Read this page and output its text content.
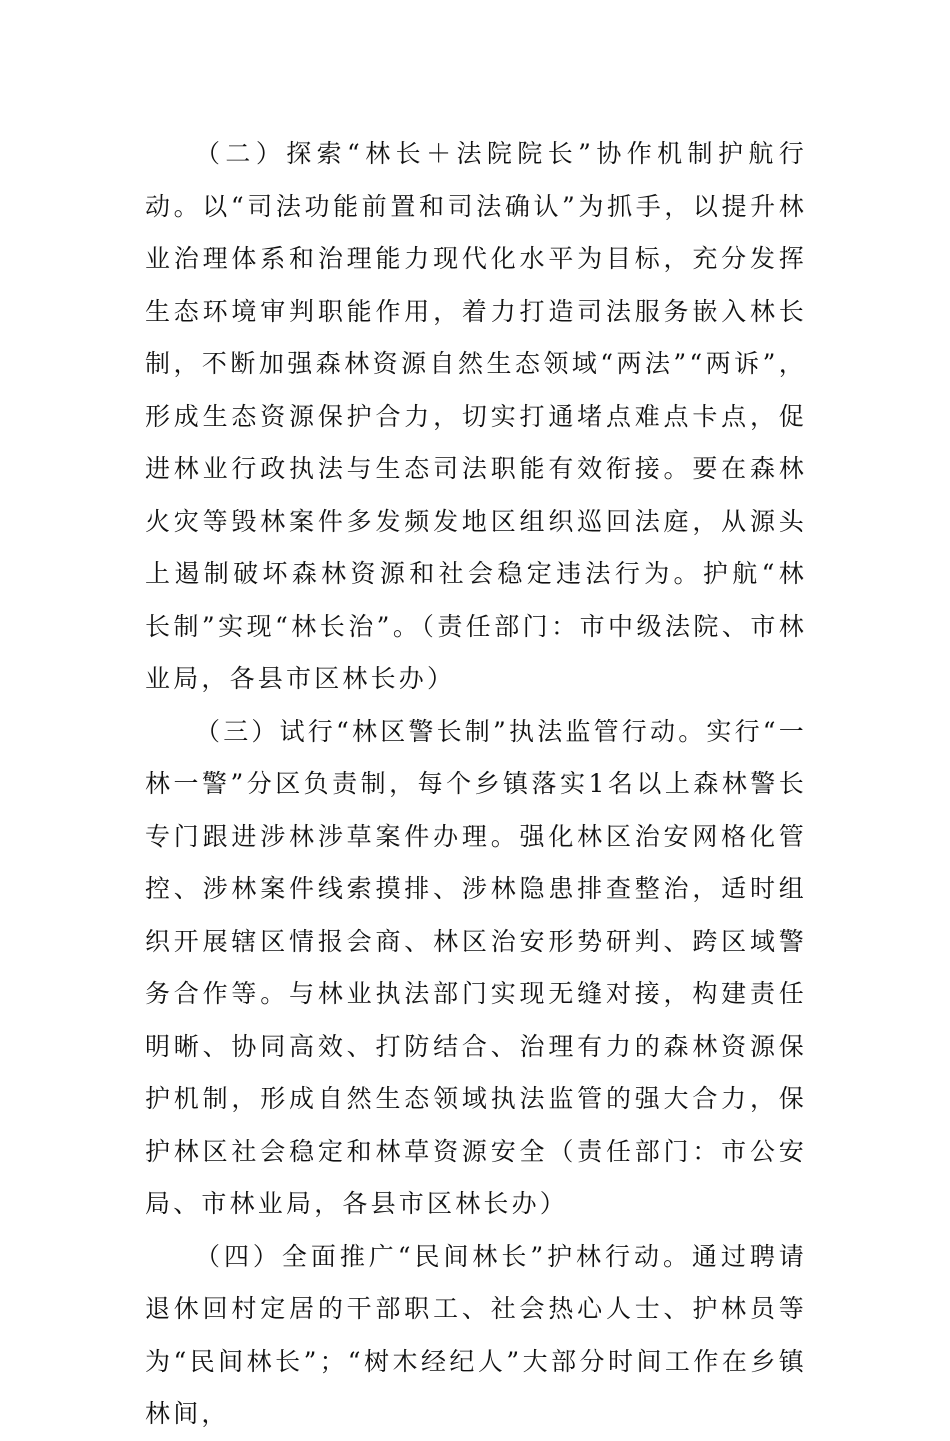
（二）探索“林长＋法院院长”协作机制护航行动。以“司法功能前置和司法确认”为抓手，以提升林业治理体系和治理能力现代化水平为目标，充分发挥生态环境审判职能作用，着力打造司法服务嵌入林长制，不断加强森林资源自然生态领域“两法”“两诉”，形成生态资源保护合力，切实打通堵点难点卡点，促进林业行政执法与生态司法职能有效衔接。要在森林火灾等毁林案件多发频发地区组织巡回法庭，从源头上遏制破坏森林资源和社会稳定违法行为。护航“林长制”实现“林长治”。（责任部门：市中级法院、市林业局，各县市区林长办）

（三）试行“林区警长制”执法监管行动。实行“一林一警”分区负责制，每个乡镇落实1名以上森林警长专门跟进涉林涉草案件办理。强化林区治安网格化管控、涉林案件线索摸排、涉林隐患排查整治，适时组织开展辖区情报会商、林区治安形势研判、跨区域警务合作等。与林业执法部门实现无缝对接，构建责任明晰、协同高效、打防结合、治理有力的森林资源保护机制，形成自然生态领域执法监管的强大合力，保护林区社会稳定和林草资源安全（责任部门：市公安局、市林业局，各县市区林长办）

（四）全面推广“民间林长”护林行动。通过聘请退休回村定居的干部职工、社会热心人士、护林员等为“民间林长”；“树木经纪人”大部分时间工作在乡镇林间，
